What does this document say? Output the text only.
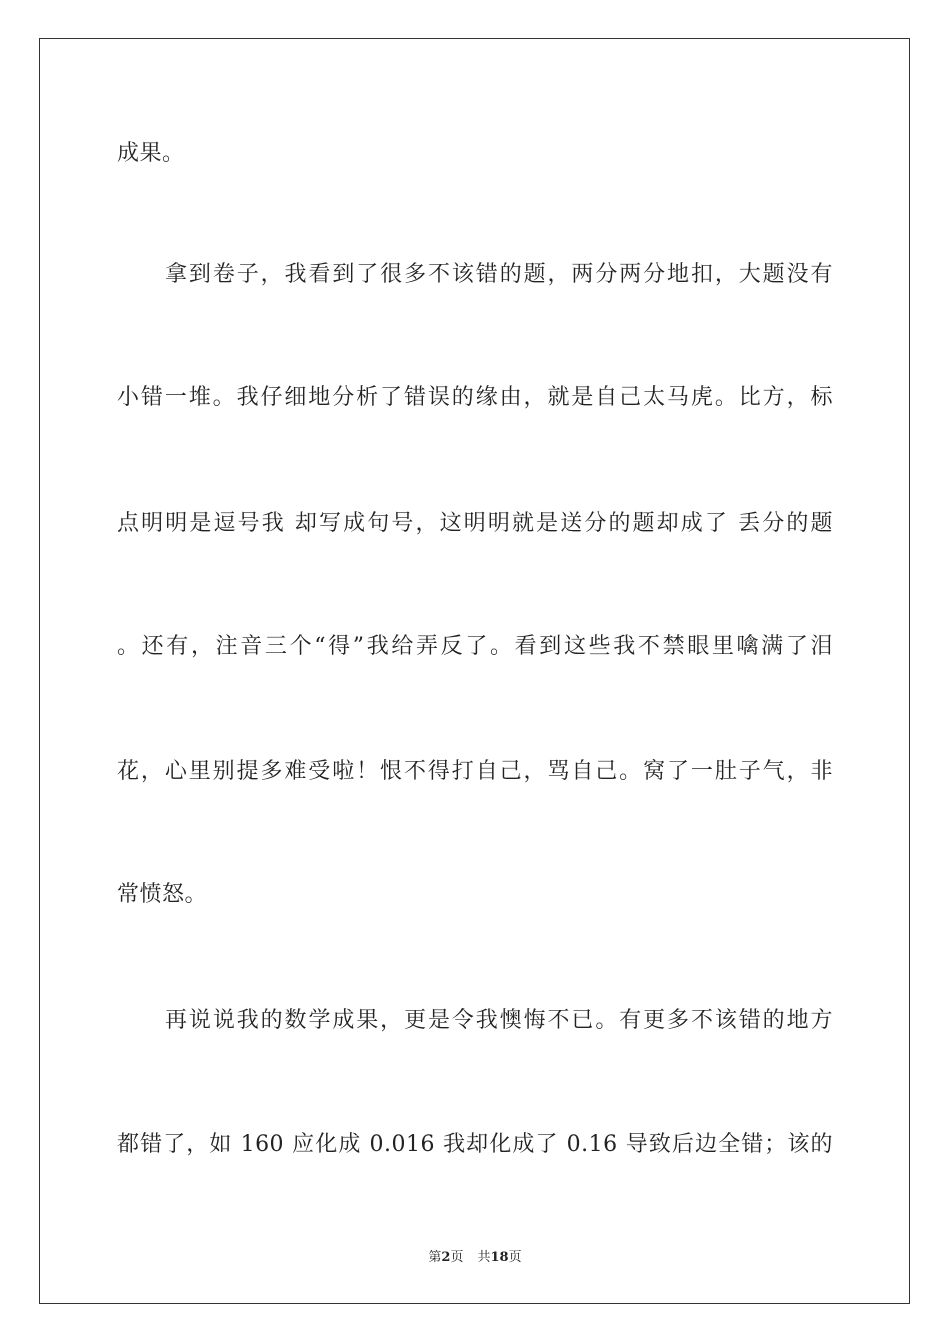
成果。
拿到卷子，我看到了很多不该错的题，两分两分地扣，大题没有
小错一堆。我仔细地分析了错误的缘由，就是自己太马虎。比方，标
点明明是逗号我 却写成句号，这明明就是送分的题却成了 丢分的题
。还有，注音三个“得”我给弄反了。看到这些我不禁眼里噙满了泪
花，心里别提多难受啦！恨不得打自己，骂自己。窝了一肚子气，非
常愤怒。
再说说我的数学成果，更是令我懊悔不已。有更多不该错的地方
都错了，如 160 应化成 0.016 我却化成了 0.16 导致后边全错；该的
第2页 共18页
